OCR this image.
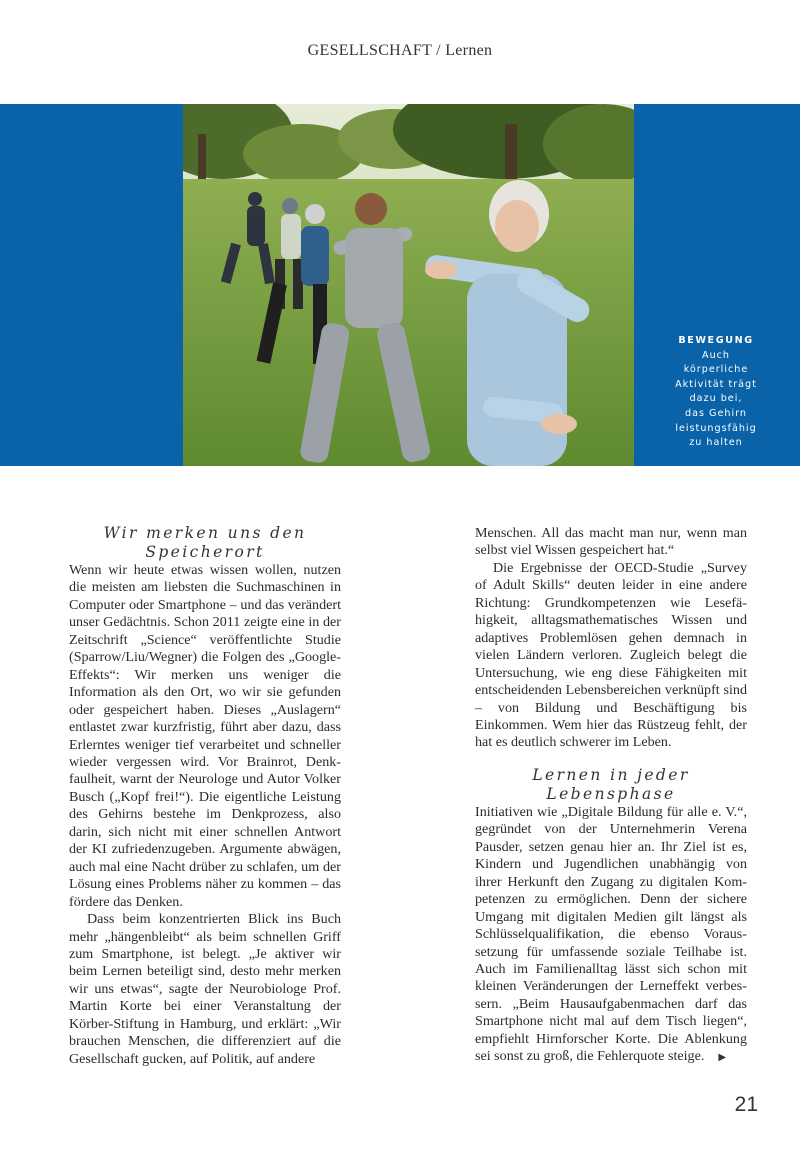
GESELLSCHAFT / Lernen
BEWEGUNG
Auch
körperliche
Aktivität trägt
dazu bei,
das Gehirn
leistungsfähig
zu halten
Wir merken uns den Speicherort

Wenn wir heute etwas wissen wollen, nutzen die meisten am liebsten die Suchmaschinen in Computer oder Smartphone – und das verändert unser Gedächtnis. Schon 2011 zeigte eine in der Zeitschrift „Science“ veröffentlichte Studie (Sparrow/Liu/Wegner) die Folgen des „Google-Effekts“: Wir merken uns weniger die Information als den Ort, wo wir sie gefunden oder gespeichert haben. Dieses „Auslagern“ entlastet zwar kurzfristig, führt aber dazu, dass Erlerntes weniger tief verarbeitet und schneller wieder vergessen wird. Vor Brainrot, Denkfaulheit, warnt der Neurologe und Autor Volker Busch („Kopf frei!“). Die eigentliche Leistung des Gehirns bestehe im Denkprozess, also darin, sich nicht mit einer schnellen Antwort der KI zufriedenzugeben. Argumente abwägen, auch mal eine Nacht drüber zu schlafen, um der Lösung eines Problems näher zu kommen – das fördere das Denken.

Dass beim konzentrierten Blick ins Buch mehr „hängenbleibt“ als beim schnellen Griff zum Smartphone, ist belegt. „Je aktiver wir beim Lernen beteiligt sind, desto mehr merken wir uns etwas“, sagte der Neurobiologe Prof. Martin Korte bei einer Veranstaltung der Körber-Stiftung in Hamburg, und erklärt: „Wir brauchen Menschen, die differenziert auf die Gesellschaft gucken, auf Politik, auf andere

Menschen. All das macht man nur, wenn man selbst viel Wissen gespeichert hat.“

Die Ergebnisse der OECD-Studie „Survey of Adult Skills“ deuten leider in eine andere Richtung: Grundkompetenzen wie Lesefähigkeit, alltagsmathematisches Wissen und adaptives Problemlösen gehen demnach in vielen Ländern verloren. Zugleich belegt die Untersuchung, wie eng diese Fähigkeiten mit entscheidenden Lebensbereichen verknüpft sind – von Bildung und Beschäftigung bis Einkommen. Wem hier das Rüstzeug fehlt, der hat es deutlich schwerer im Leben.

Lernen in jeder Lebensphase

Initiativen wie „Digitale Bildung für alle e. V.“, gegründet von der Unternehmerin Verena Pausder, setzen genau hier an. Ihr Ziel ist es, Kindern und Jugendlichen unabhängig von ihrer Herkunft den Zugang zu digitalen Kompetenzen zu ermöglichen. Denn der sichere Umgang mit digitalen Medien gilt längst als Schlüsselqualifikation, die ebenso Voraussetzung für umfassende soziale Teilhabe ist. Auch im Familienalltag lässt sich schon mit kleinen Veränderungen der Lerneffekt verbessern. „Beim Hausaufgabenmachen darf das Smartphone nicht mal auf dem Tisch liegen“, empfiehlt Hirnforscher Korte. Die Ablenkung sei sonst zu groß, die Fehlerquote steige. ▶

21
